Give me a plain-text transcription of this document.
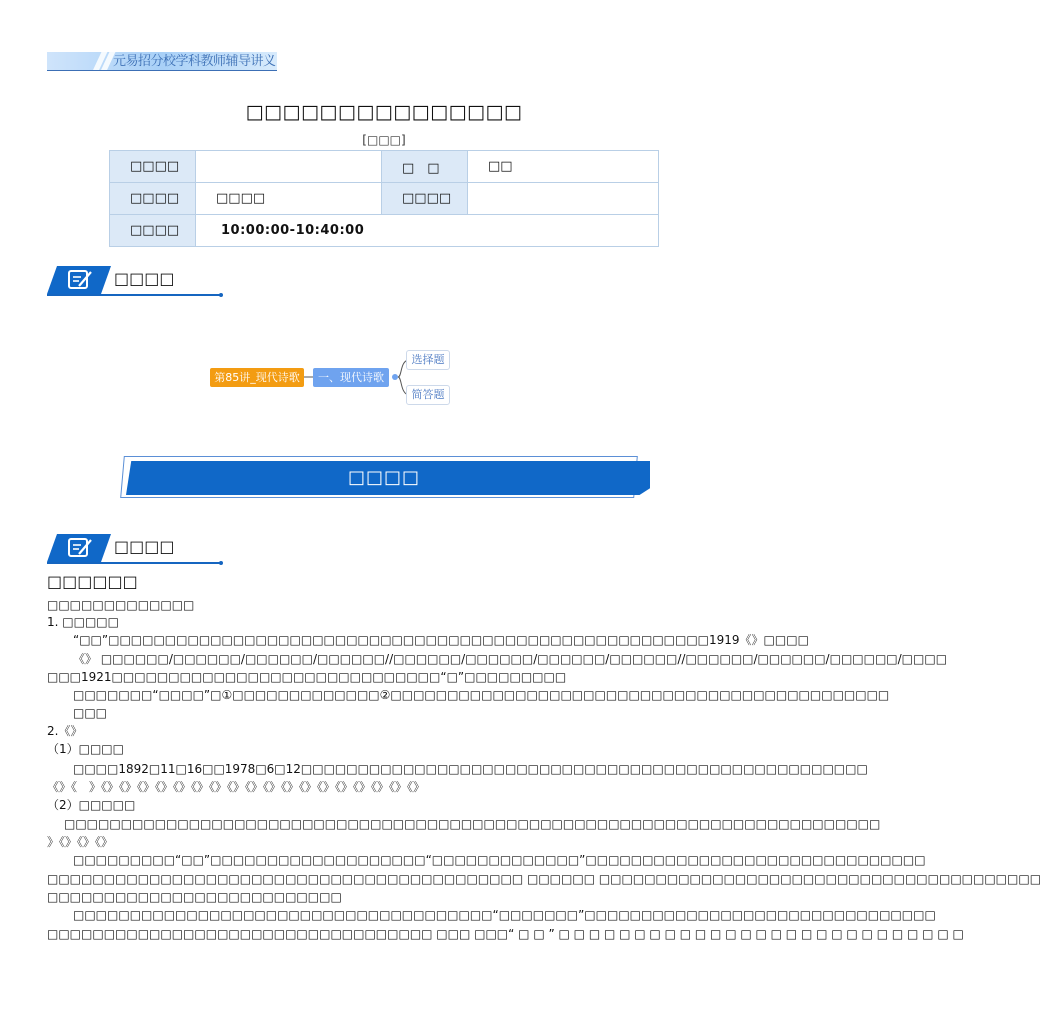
元易招分校学科教师辅导讲义
□□□□□□□□□□□□□□□
[□□□]
□□□□		□　□	□□
□□□□	□□□□	□□□□	
□□□□	10:00:00-10:40:00		
□□□□
第85讲_现代诗歌	一、现代诗歌
选择题
简答题
□□□□
□□□□
□□□□□□
□□□□□□□□□□□□□
1. □□□□□
“□□”□□□□□□□□□□□□□□□□□□□□□□□□□□□□□□□□□□□□□□□□□□□□□□□□□□□□□1919《》□□□□
《》 □□□□□□/□□□□□□/□□□□□□/□□□□□□//□□□□□□/□□□□□□/□□□□□□/□□□□□□//□□□□□□/□□□□□□/□□□□□□/□□□□
□□□1921□□□□□□□□□□□□□□□□□□□□□□□□□□□□□“□”□□□□□□□□□
□□□□□□□“□□□□”□①□□□□□□□□□□□□□②□□□□□□□□□□□□□□□□□□□□□□□□□□□□□□□□□□□□□□□□□□□□
□□□
2.《》
（1）□□□□
□□□□1892□11□16□□1978□6□12□□□□□□□□□□□□□□□□□□□□□□□□□□□□□□□□□□□□□□□□□□□□□□□□□□
《》《　》《》《》《》《》《》《》《》《》《》《》《》《》《》《》《》《》《》《》
（2）□□□□□
□□□□□□□□□□□□□□□□□□□□□□□□□□□□□□□□□□□□□□□□□□□□□□□□□□□□□□□□□□□□□□□□□□□□□□□□
》《》《》《》
□□□□□□□□□“□□”□□□□□□□□□□□□□□□□□□□“□□□□□□□□□□□□□”□□□□□□□□□□□□□□□□□□□□□□□□□□□□□□
□□□□□□□□□□□□□□□□□□□□□□□□□□□□□□□□□□□□□□□□□□ □□□□□□ □□□□□□□□□□□□□□□□□□□□□□□□□□□□□□□□□□□□□□□
□□□□□□□□□□□□□□□□□□□□□□□□□□
□□□□□□□□□□□□□□□□□□□□□□□□□□□□□□□□□□□□□“□□□□□□□”□□□□□□□□□□□□□□□□□□□□□□□□□□□□□□□
□□□□□□□□□□□□□□□□□□□□□□□□□□□□□□□□□□ □□□ □□□“ □ □ ” □ □ □ □ □ □ □ □ □ □ □ □ □ □ □ □ □ □ □ □ □ □ □ □ □ □ □
